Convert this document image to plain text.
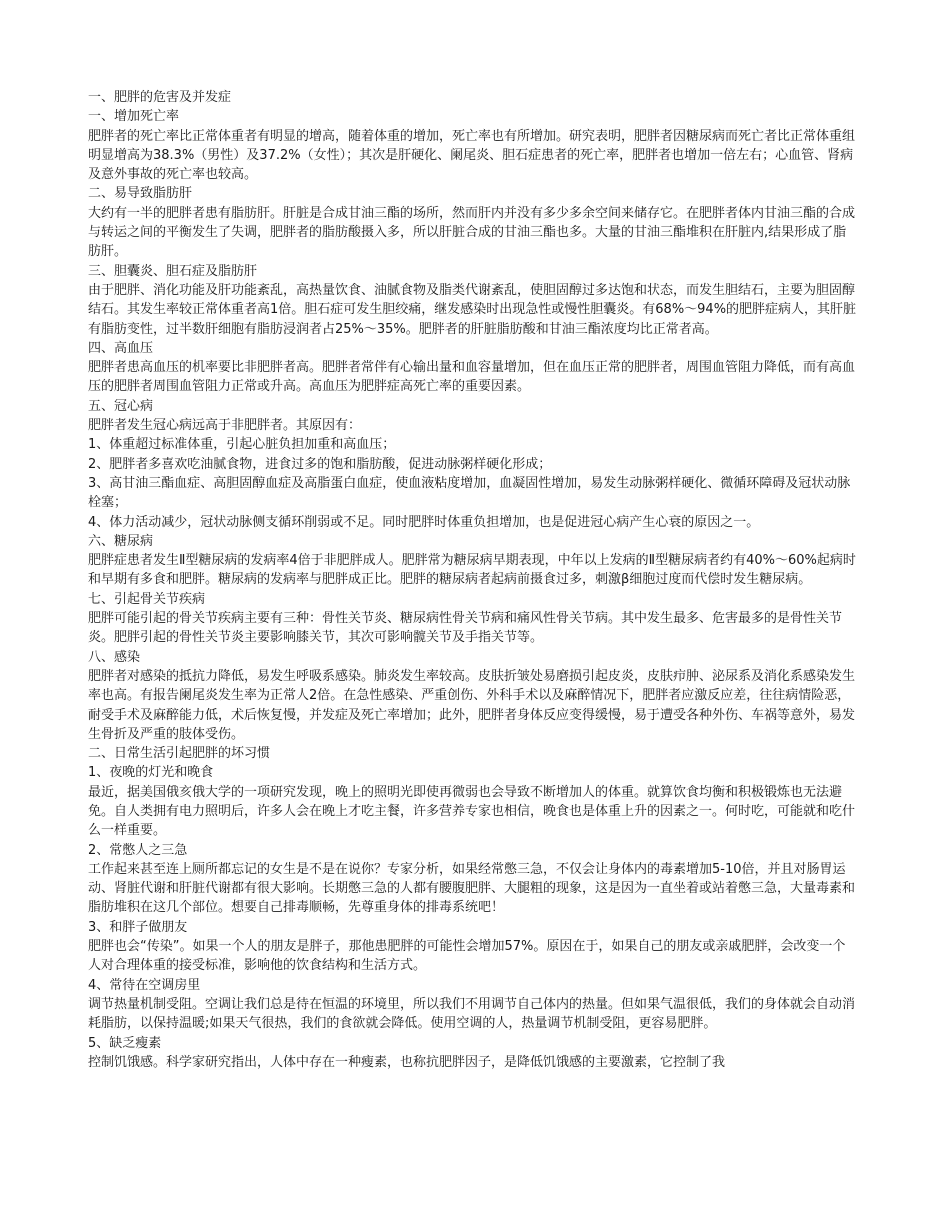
一、肥胖的危害及并发症

一、增加死亡率

肥胖者的死亡率比正常体重者有明显的增高，随着体重的增加，死亡率也有所增加。研究表明，肥胖者因糖尿病而死亡者比正常体重组明显增高为38.3%（男性）及37.2%（女性）；其次是肝硬化、阑尾炎、胆石症患者的死亡率，肥胖者也增加一倍左右；心血管、肾病及意外事故的死亡率也较高。

二、易导致脂肪肝

大约有一半的肥胖者患有脂肪肝。肝脏是合成甘油三酯的场所，然而肝内并没有多少多余空间来储存它。在肥胖者体内甘油三酯的合成与转运之间的平衡发生了失调，肥胖者的脂肪酸摄入多，所以肝脏合成的甘油三酯也多。大量的甘油三酯堆积在肝脏内,结果形成了脂肪肝。

三、胆囊炎、胆石症及脂肪肝

由于肥胖、消化功能及肝功能紊乱，高热量饮食、油腻食物及脂类代谢紊乱，使胆固醇过多达饱和状态，而发生胆结石，主要为胆固醇结石。其发生率较正常体重者高1倍。胆石症可发生胆绞痛，继发感染时出现急性或慢性胆囊炎。有68%～94%的肥胖症病人，其肝脏有脂肪变性，过半数肝细胞有脂肪浸润者占25%～35%。肥胖者的肝脏脂肪酸和甘油三酯浓度均比正常者高。

四、高血压

肥胖者患高血压的机率要比非肥胖者高。肥胖者常伴有心输出量和血容量增加，但在血压正常的肥胖者，周围血管阻力降低，而有高血压的肥胖者周围血管阻力正常或升高。高血压为肥胖症高死亡率的重要因素。

五、冠心病

肥胖者发生冠心病远高于非肥胖者。其原因有：

1、体重超过标准体重，引起心脏负担加重和高血压；

2、肥胖者多喜欢吃油腻食物，进食过多的饱和脂肪酸，促进动脉粥样硬化形成；

3、高甘油三酯血症、高胆固醇血症及高脂蛋白血症，使血液粘度增加，血凝固性增加，易发生动脉粥样硬化、微循环障碍及冠状动脉栓塞；

4、体力活动减少，冠状动脉侧支循环削弱或不足。同时肥胖时体重负担增加，也是促进冠心病产生心衰的原因之一。

六、糖尿病

肥胖症患者发生Ⅱ型糖尿病的发病率4倍于非肥胖成人。肥胖常为糖尿病早期表现，中年以上发病的Ⅱ型糖尿病者约有40%～60%起病时和早期有多食和肥胖。糖尿病的发病率与肥胖成正比。肥胖的糖尿病者起病前摄食过多，刺激β细胞过度而代偿时发生糖尿病。

七、引起骨关节疾病

肥胖可能引起的骨关节疾病主要有三种：骨性关节炎、糖尿病性骨关节病和痛风性骨关节病。其中发生最多、危害最多的是骨性关节炎。肥胖引起的骨性关节炎主要影响膝关节，其次可影响髋关节及手指关节等。

八、感染

肥胖者对感染的抵抗力降低，易发生呼吸系感染。肺炎发生率较高。皮肤折皱处易磨损引起皮炎，皮肤疖肿、泌尿系及消化系感染发生率也高。有报告阑尾炎发生率为正常人2倍。在急性感染、严重创伤、外科手术以及麻醉情况下，肥胖者应激反应差，往往病情险恶，耐受手术及麻醉能力低，术后恢复慢，并发症及死亡率增加；此外，肥胖者身体反应变得缓慢，易于遭受各种外伤、车祸等意外，易发生骨折及严重的肢体受伤。

二、日常生活引起肥胖的坏习惯

1、夜晚的灯光和晚食

最近，据美国俄亥俄大学的一项研究发现，晚上的照明光即使再微弱也会导致不断增加人的体重。就算饮食均衡和积极锻炼也无法避免。自人类拥有电力照明后，许多人会在晚上才吃主餐，许多营养专家也相信，晚食也是体重上升的因素之一。何时吃，可能就和吃什么一样重要。

2、常憋人之三急

工作起来甚至连上厕所都忘记的女生是不是在说你？专家分析，如果经常憋三急，不仅会让身体内的毒素增加5-10倍，并且对肠胃运动、肾脏代谢和肝脏代谢都有很大影响。长期憋三急的人都有腰腹肥胖、大腿粗的现象，这是因为一直坐着或站着憋三急，大量毒素和脂肪堆积在这几个部位。想要自己排毒顺畅，先尊重身体的排毒系统吧！

3、和胖子做朋友

肥胖也会“传染”。如果一个人的朋友是胖子，那他患肥胖的可能性会增加57%。原因在于，如果自己的朋友或亲戚肥胖，会改变一个人对合理体重的接受标准，影响他的饮食结构和生活方式。

4、常待在空调房里

调节热量机制受阻。空调让我们总是待在恒温的环境里，所以我们不用调节自己体内的热量。但如果气温很低，我们的身体就会自动消耗脂肪，以保持温暖;如果天气很热，我们的食欲就会降低。使用空调的人，热量调节机制受阻，更容易肥胖。

5、缺乏瘦素

控制饥饿感。科学家研究指出，人体中存在一种瘦素，也称抗肥胖因子，是降低饥饿感的主要激素，它控制了我
